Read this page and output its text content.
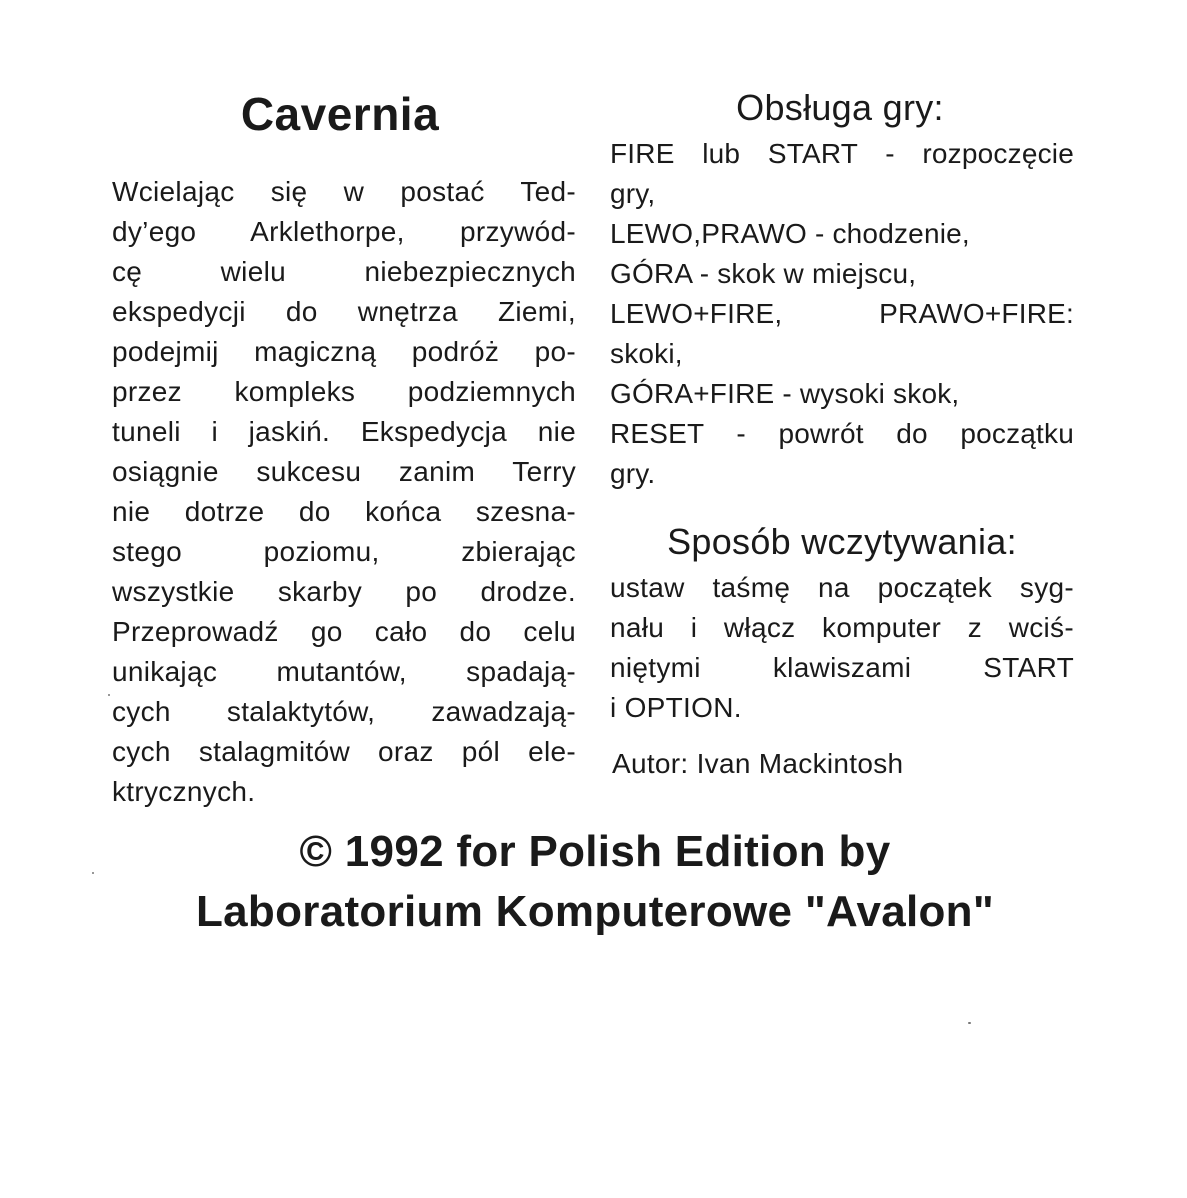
Cavernia
Wcielając się w postać Ted-
dy’ego Arklethorpe, przywód-
cę wielu niebezpiecznych
ekspedycji do wnętrza Ziemi,
podejmij magiczną podróż po-
przez kompleks podziemnych
tuneli i jaskiń. Ekspedycja nie
osiągnie sukcesu zanim Terry
nie dotrze do końca szesna-
stego poziomu, zbierając
wszystkie skarby po drodze.
Przeprowadź go cało do celu
unikając mutantów, spadają-
cych stalaktytów, zawadzają-
cych stalagmitów oraz pól ele-
ktrycznych.
Obsługa gry:
FIRE lub START - rozpoczęcie
gry,
LEWO,PRAWO - chodzenie,
GÓRA - skok w miejscu,
LEWO+FIRE, PRAWO+FIRE:
skoki,
GÓRA+FIRE - wysoki skok,
RESET - powrót do początku
gry.
Sposób wczytywania:
ustaw taśmę na początek syg-
nału i włącz komputer z wciś-
niętymi klawiszami START
i OPTION.
Autor: Ivan Mackintosh
© 1992 for Polish Edition by
Laboratorium Komputerowe "Avalon"
